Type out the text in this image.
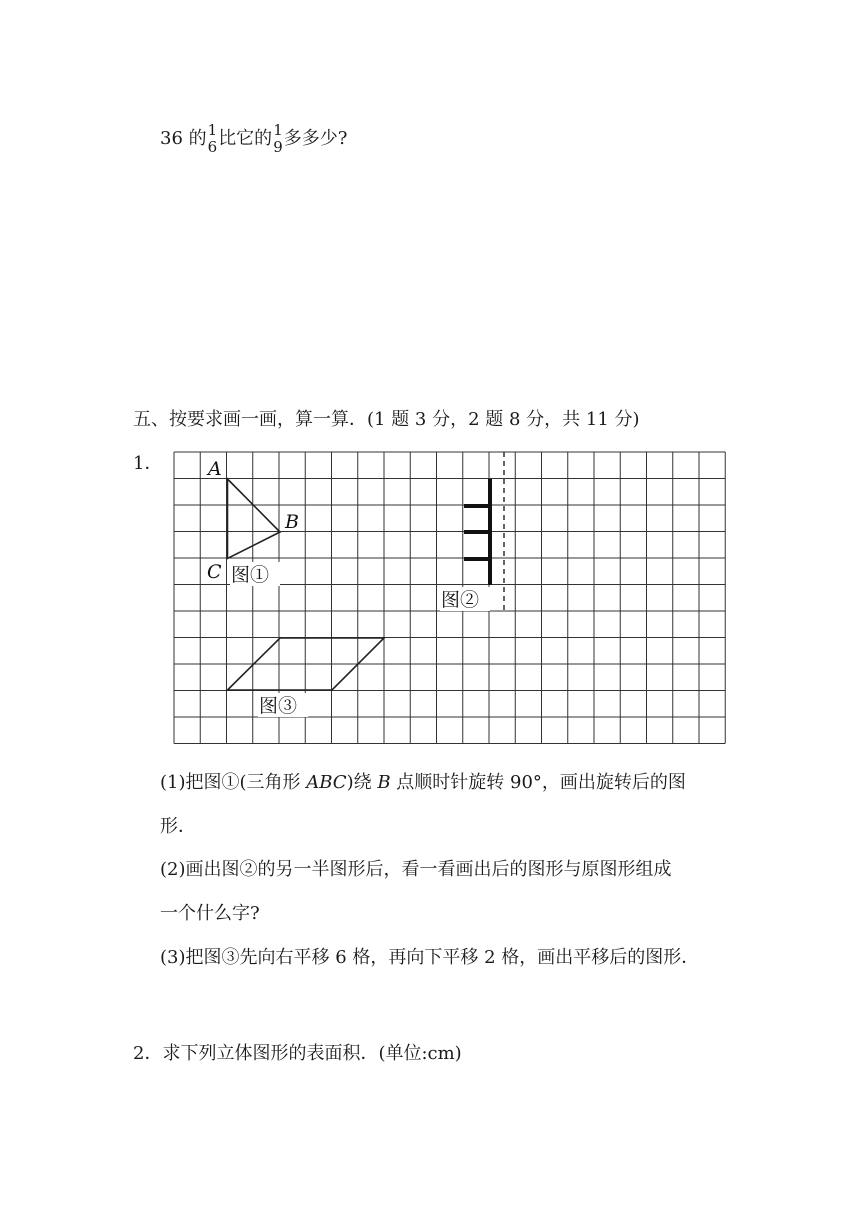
36 的 1
6 比它的 1
9 多多少?
五、按要求画一画，算一算．(1 题 3 分，2 题 8 分，共 11 分)
1． A
B
C 图①
图②
图③
(1)把图①(三角形 ABC)绕 B 点顺时针旋转 90°，画出旋转后的图
形．
(2)画出图②的另一半图形后，看一看画出后的图形与原图形组成
一个什么字?
(3)把图③先向右平移 6 格，再向下平移 2 格，画出平移后的图形．
2．求下列立体图形的表面积．(单位:cm)
